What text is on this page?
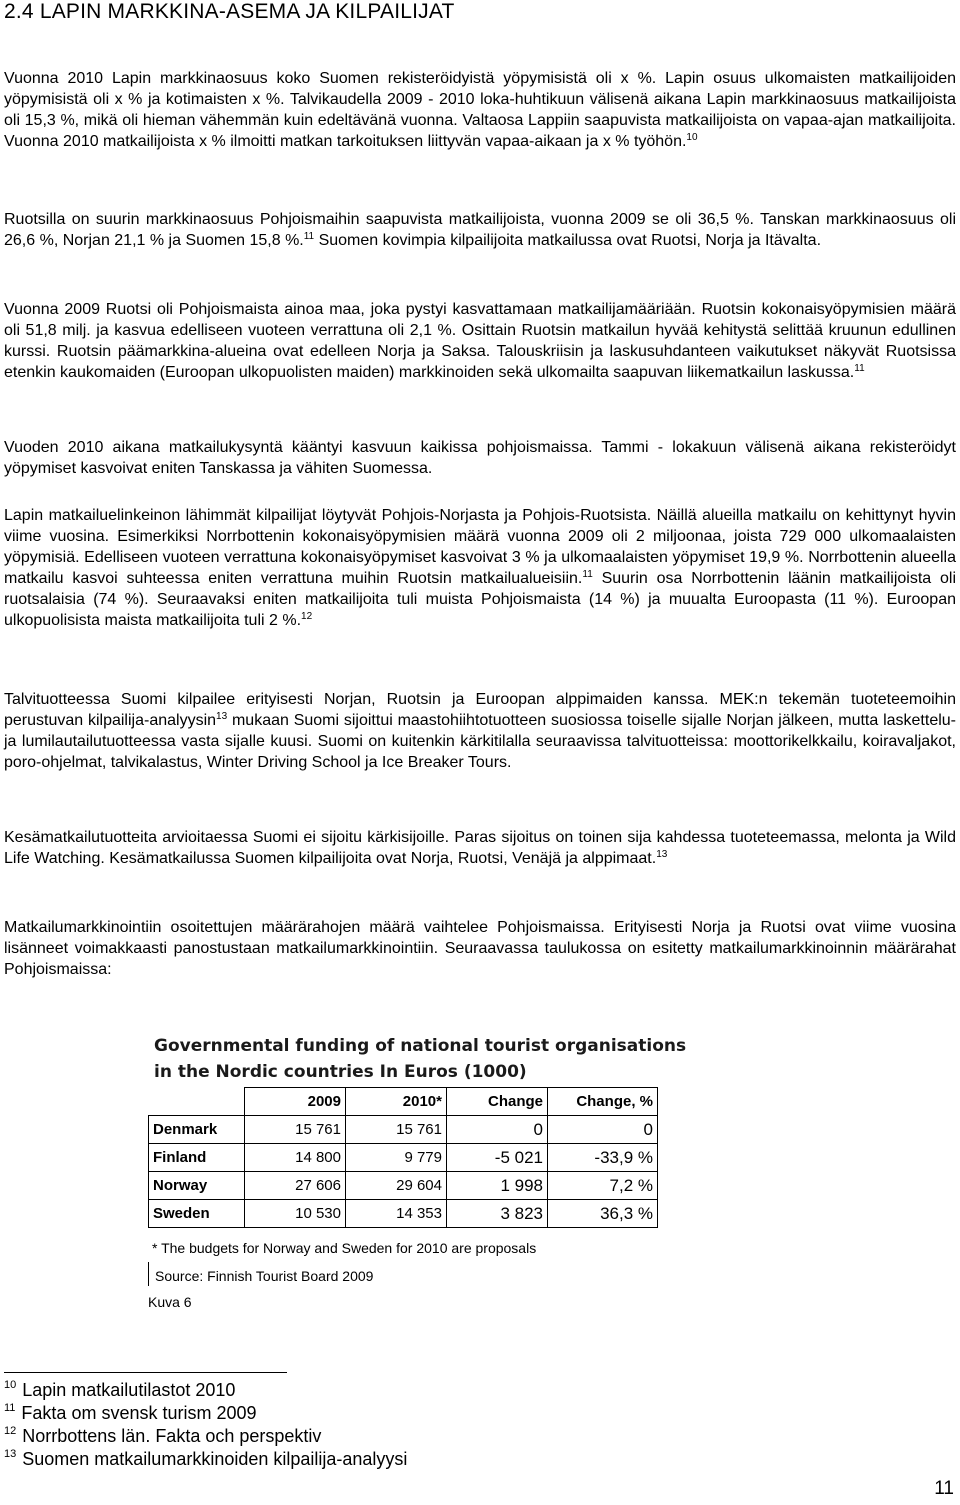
2.4 LAPIN MARKKINA-ASEMA JA KILPAILIJAT

Vuonna 2010 Lapin markkinaosuus koko Suomen rekisteröidyistä yöpymisistä oli x %. Lapin osuus ulkomaisten matkailijoiden yöpymisistä oli x % ja kotimaisten x %. Talvikaudella 2009 - 2010 loka-huhtikuun välisenä aikana Lapin markkinaosuus matkailijoista oli 15,3 %, mikä oli hieman vähemmän kuin edeltävänä vuonna. Valtaosa Lappiin saapuvista matkailijoista on vapaa-ajan matkailijoita. Vuonna 2010 matkailijoista x % ilmoitti matkan tarkoituksen liittyvän vapaa-aikaan ja x % työhön.$^{10}$

Ruotsilla on suurin markkinaosuus Pohjoismaihin saapuvista matkailijoista, vuonna 2009 se oli 36,5 %. Tanskan markkinaosuus oli 26,6 %, Norjan 21,1 % ja Suomen 15,8 %.$^{11}$ Suomen kovimpia kilpailijoita matkailussa ovat Ruotsi, Norja ja Itävalta.

Vuonna 2009 Ruotsi oli Pohjoismaista ainoa maa, joka pystyi kasvattamaan matkailijamääriään. Ruotsin kokonaisyöpymisien määrä oli 51,8 milj. ja kasvua edelliseen vuoteen verrattuna oli 2,1 %. Osittain Ruotsin matkailun hyvää kehitystä selittää kruunun edullinen kurssi. Ruotsin päämarkkina-alueina ovat edelleen Norja ja Saksa. Talouskriisin ja laskusuhdanteen vaikutukset näkyvät Ruotsissa etenkin kaukomaiden (Euroopan ulkopuolisten maiden) markkinoiden sekä ulkomailta saapuvan liikematkailun laskussa.$^{11}$

Vuoden 2010 aikana matkailukysyntä kääntyi kasvuun kaikissa pohjoismaissa. Tammi - lokakuun välisenä aikana rekisteröidyt yöpymiset kasvoivat eniten Tanskassa ja vähiten Suomessa.

Lapin matkailuelinkeinon lähimmät kilpailijat löytyvät Pohjois-Norjasta ja Pohjois-Ruotsista. Näillä alueilla matkailu on kehittynyt hyvin viime vuosina. Esimerkiksi Norrbottenin kokonaisyöpymisien määrä vuonna 2009 oli 2 miljoonaa, joista 729 000 ulkomaalaisten yöpymisiä. Edelliseen vuoteen verrattuna kokonaisyöpymiset kasvoivat 3 % ja ulkomaalaisten yöpymiset 19,9 %. Norrbottenin alueella matkailu kasvoi suhteessa eniten verrattuna muihin Ruotsin matkailualueisiin.$^{11}$ Suurin osa Norrbottenin läänin matkailijoista oli ruotsalaisia (74 %). Seuraavaksi eniten matkailijoita tuli muista Pohjoismaista (14 %) ja muualta Euroopasta (11 %). Euroopan ulkopuolisista maista matkailijoita tuli 2 %.$^{12}$

Talvituotteessa Suomi kilpailee erityisesti Norjan, Ruotsin ja Euroopan alppimaiden kanssa. MEK:n tekemän tuoteteemoihin perustuvan kilpailija-analyysin$^{13}$ mukaan Suomi sijoittui maastohiihtotuotteen suosiossa toiselle sijalle Norjan jälkeen, mutta laskettelu- ja lumilautailutuotteessa vasta sijalle kuusi. Suomi on kuitenkin kärkitilalla seuraavissa talvituotteissa: moottorikelkkailu, koiravaljakot, poro-ohjelmat, talvikalastus, Winter Driving School ja Ice Breaker Tours.

Kesämatkailutuotteita arvioitaessa Suomi ei sijoitu kärkisijoille. Paras sijoitus on toinen sija kahdessa tuoteteemassa, melonta ja Wild Life Watching. Kesämatkailussa Suomen kilpailijoita ovat Norja, Ruotsi, Venäjä ja alppimaat.$^{13}$

Matkailumarkkinointiin osoitettujen määrärahojen määrä vaihtelee Pohjoismaissa. Erityisesti Norja ja Ruotsi ovat viime vuosina lisänneet voimakkaasti panostustaan matkailumarkkinointiin. Seuraavassa taulukossa on esitetty matkailumarkkinoinnin määrärahat Pohjoismaissa:

Governmental funding of national tourist organisations
in the Nordic countries In Euros (1000)
	2009	2010*	Change	Change, %
Denmark	15 761	15 761	0	0
Finland	14 800	9 779	-5 021	-33,9 %
Norway	27 606	29 604	1 998	7,2 %
Sweden	10 530	14 353	3 823	36,3 %
* The budgets for Norway and Sweden for 2010 are proposals
Source: Finnish Tourist Board 2009
Kuva 6
$^{10}$ Lapin matkailutilastot 2010
$^{11}$ Fakta om svensk turism 2009
$^{12}$ Norrbottens län. Fakta och perspektiv
$^{13}$ Suomen matkailumarkkinoiden kilpailija-analyysi
11
